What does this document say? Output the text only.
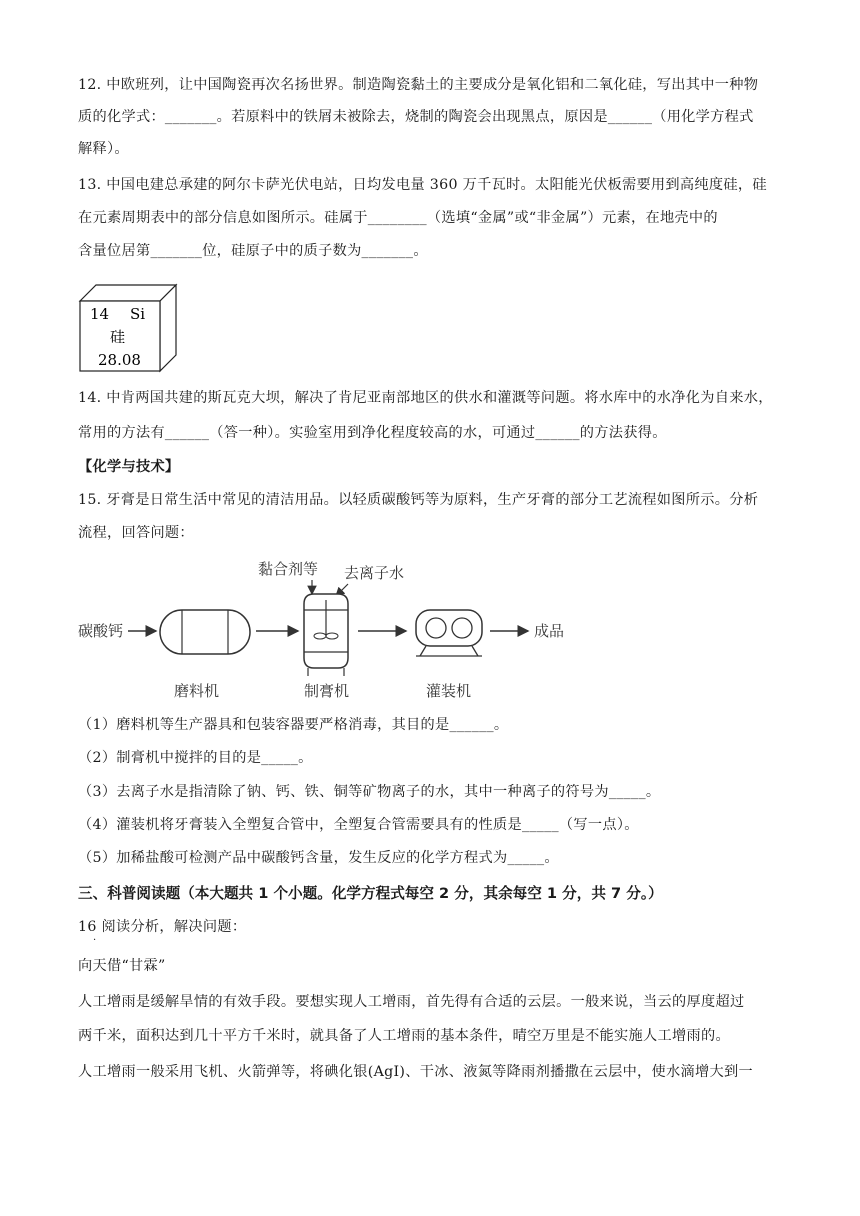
12. 中欧班列，让中国陶瓷再次名扬世界。制造陶瓷黏土的主要成分是氧化铝和二氧化硅，写出其中一种物
质的化学式：_______。若原料中的铁屑未被除去，烧制的陶瓷会出现黑点，原因是______（用化学方程式
解释）。
13. 中国电建总承建的阿尔卡萨光伏电站，日均发电量 360 万千瓦时。太阳能光伏板需要用到高纯度硅，硅
在元素周期表中的部分信息如图所示。硅属于________（选填“金属”或“非金属”）元素，在地壳中的
含量位居第_______位，硅原子中的质子数为_______。
14 Si
硅
28.08
14. 中肯两国共建的斯瓦克大坝，解决了肯尼亚南部地区的供水和灌溉等问题。将水库中的水净化为自来水，
常用的方法有______（答一种）。实验室用到净化程度较高的水，可通过______的方法获得。
【化学与技术】
15. 牙膏是日常生活中常见的清洁用品。以轻质碳酸钙等为原料，生产牙膏的部分工艺流程如图所示。分析
流程，回答问题：
碳酸钙
磨料机
黏合剂等 去离子水
制膏机	灌装机
成品
（1）磨料机等生产器具和包装容器要严格消毒，其目的是______。
（2）制膏机中搅拌的目的是_____。
（3）去离子水是指清除了钠、钙、铁、铜等矿物离子的水，其中一种离子的符号为_____。
（4）灌装机将牙膏装入全塑复合管中，全塑复合管需要具有的性质是_____（写一点）。
（5）加稀盐酸可检测产品中碳酸钙含量，发生反应的化学方程式为_____。
三、科普阅读题（本大题共 1 个小题。化学方程式每空 2 分，其余每空 1 分，共 7 分。）
16 阅读分析，解决问题：
·
向天借“甘霖”
人工增雨是缓解旱情的有效手段。要想实现人工增雨，首先得有合适的云层。一般来说，当云的厚度超过
两千米，面积达到几十平方千米时，就具备了人工增雨的基本条件，晴空万里是不能实施人工增雨的。
人工增雨一般采用飞机、火箭弹等，将碘化银(AgI)、干冰、液氮等降雨剂播撒在云层中，使水滴增大到一
